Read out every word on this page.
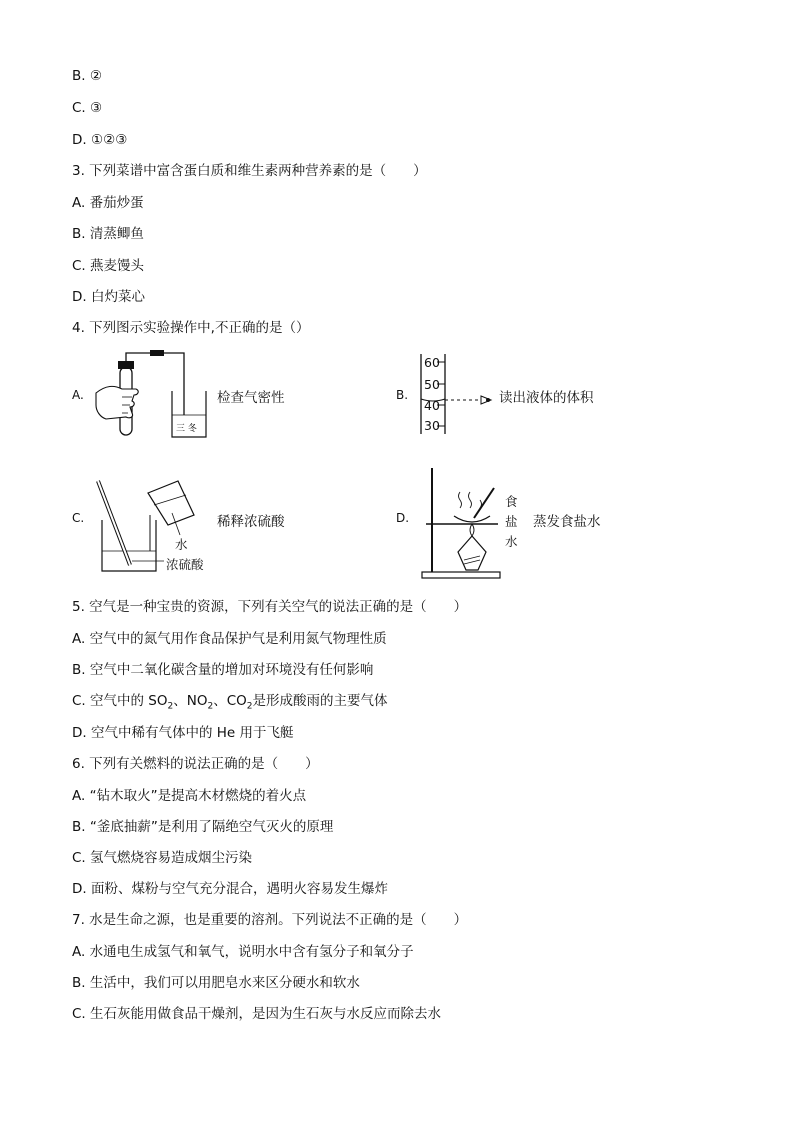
B. ②
C. ③
D. ①②③
3. 下列菜谱中富含蛋白质和维生素两种营养素的是（　　）
A. 番茄炒蛋
B. 清蒸鲫鱼
C. 燕麦馒头
D. 白灼菜心
4. 下列图示实验操作中,不正确的是（）
A.
三 冬
检查气密性	B.
60
50
40
30
读出液体的体积
C.
水
浓硫酸
稀释浓硫酸	D.
食
盐
水
蒸发食盐水
5. 空气是一种宝贵的资源，下列有关空气的说法正确的是（　　）
A. 空气中的氮气用作食品保护气是利用氮气物理性质
B. 空气中二氧化碳含量的增加对环境没有任何影响
C. 空气中的 $SO_2$、$NO_2$、$CO_2$是形成酸雨的主要气体
D. 空气中稀有气体中的 He 用于飞艇
6. 下列有关燃料的说法正确的是（　　）
A. “钻木取火”是提高木材燃烧的着火点
B. “釜底抽薪”是利用了隔绝空气灭火的原理
C. 氢气燃烧容易造成烟尘污染
D. 面粉、煤粉与空气充分混合，遇明火容易发生爆炸
7. 水是生命之源，也是重要的溶剂。下列说法不正确的是（　　）
A. 水通电生成氢气和氧气，说明水中含有氢分子和氧分子
B. 生活中，我们可以用肥皂水来区分硬水和软水
C. 生石灰能用做食品干燥剂，是因为生石灰与水反应而除去水
